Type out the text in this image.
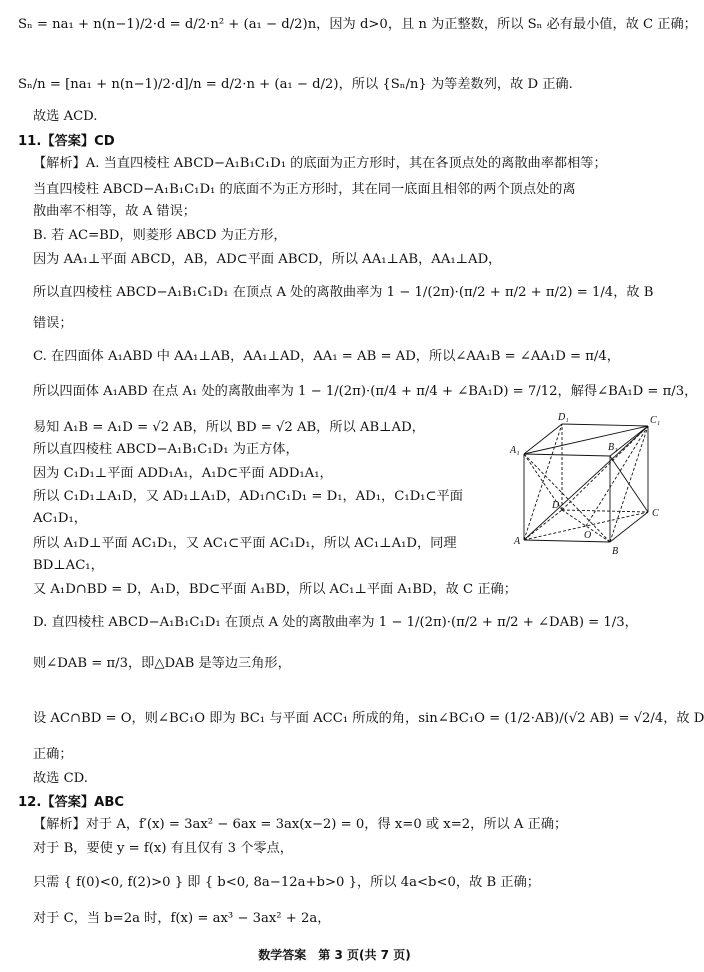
Sₙ = na₁ + n(n−1)/2·d = d/2·n² + (a₁ − d/2)n，因为 d>0，且 n 为正整数，所以 Sₙ 必有最小值，故 C 正确；
Sₙ/n = [na₁ + n(n−1)/2·d]/n = d/2·n + (a₁ − d/2)，所以 {Sₙ/n} 为等差数列，故 D 正确.
故选 ACD.
11.【答案】CD
【解析】A. 当直四棱柱 ABCD−A₁B₁C₁D₁ 的底面为正方形时，其在各顶点处的离散曲率都相等；
当直四棱柱 ABCD−A₁B₁C₁D₁ 的底面不为正方形时，其在同一底面且相邻的两个顶点处的离
散曲率不相等，故 A 错误；
B. 若 AC=BD，则菱形 ABCD 为正方形，
因为 AA₁⊥平面 ABCD，AB，AD⊂平面 ABCD，所以 AA₁⊥AB，AA₁⊥AD，
所以直四棱柱 ABCD−A₁B₁C₁D₁ 在顶点 A 处的离散曲率为 1 − 1/(2π)·(π/2 + π/2 + π/2) = 1/4，故 B
错误；
C. 在四面体 A₁ABD 中 AA₁⊥AB，AA₁⊥AD，AA₁ = AB = AD，所以∠AA₁B = ∠AA₁D = π/4，
所以四面体 A₁ABD 在点 A₁ 处的离散曲率为 1 − 1/(2π)·(π/4 + π/4 + ∠BA₁D) = 7/12，解得∠BA₁D = π/3，
易知 A₁B = A₁D = √2 AB，所以 BD = √2 AB，所以 AB⊥AD，
所以直四棱柱 ABCD−A₁B₁C₁D₁ 为正方体，
因为 C₁D₁⊥平面 ADD₁A₁，A₁D⊂平面 ADD₁A₁，
所以 C₁D₁⊥A₁D，又 AD₁⊥A₁D，AD₁∩C₁D₁ = D₁，AD₁，C₁D₁⊂平面
AC₁D₁，
所以 A₁D⊥平面 AC₁D₁，又 AC₁⊂平面 AC₁D₁，所以 AC₁⊥A₁D，同理
BD⊥AC₁，
又 A₁D∩BD = D，A₁D，BD⊂平面 A₁BD，所以 AC₁⊥平面 A₁BD，故 C 正确；
D. 直四棱柱 ABCD−A₁B₁C₁D₁ 在顶点 A 处的离散曲率为 1 − 1/(2π)·(π/2 + π/2 + ∠DAB) = 1/3，
则∠DAB = π/3，即△DAB 是等边三角形，
设 AC∩BD = O，则∠BC₁O 即为 BC₁ 与平面 ACC₁ 所成的角，sin∠BC₁O = (1/2·AB)/(√2 AB) = √2/4，故 D
正确；
故选 CD.
12.【答案】ABC
【解析】对于 A，f′(x) = 3ax² − 6ax = 3ax(x−2) = 0，得 x=0 或 x=2，所以 A 正确；
对于 B，要使 y = f(x) 有且仅有 3 个零点，
只需 { f(0)<0, f(2)>0 } 即 { b<0, 8a−12a+b>0 }，所以 4a<b<0，故 B 正确；
对于 C，当 b=2a 时，f(x) = ax³ − 3ax² + 2a，
A
B
C
D
A₁	B₁
C₁
D₁
O
数学答案　第 3 页(共 7 页)
